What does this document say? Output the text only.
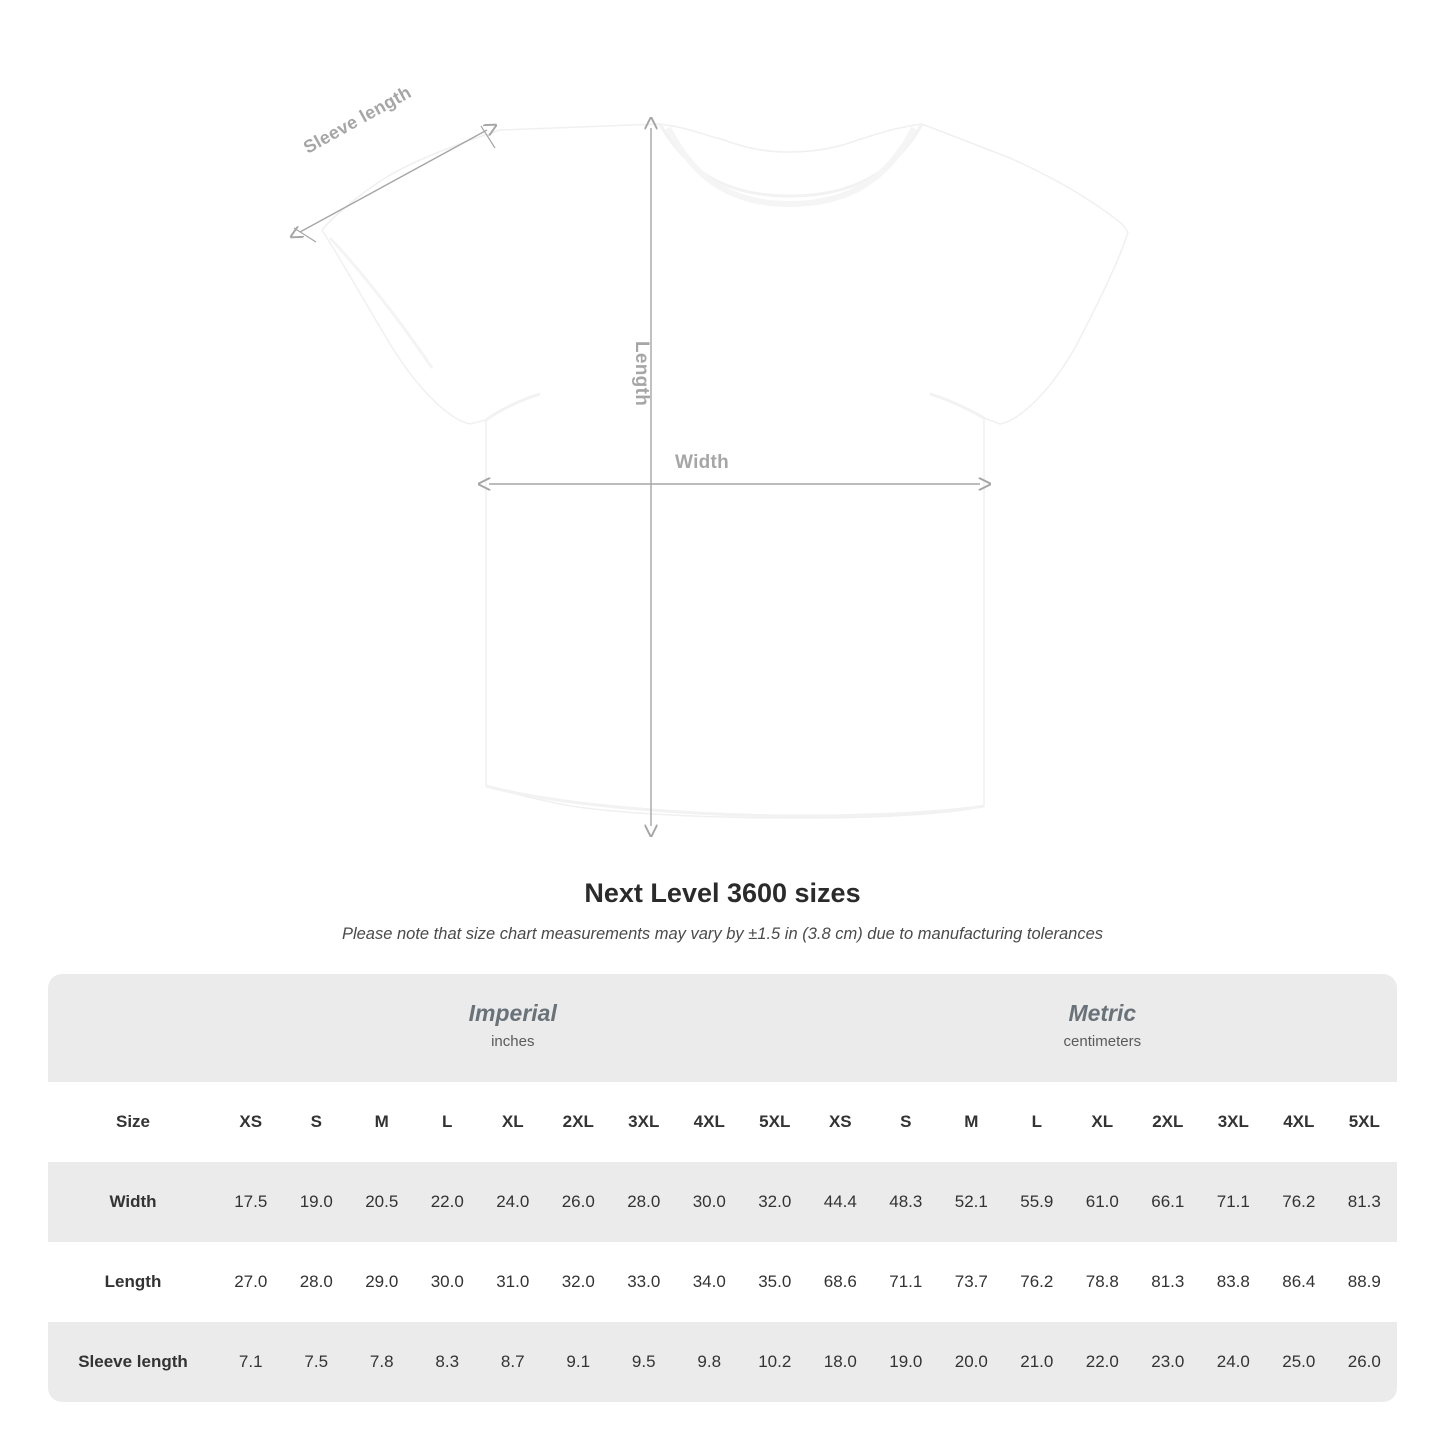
Sleeve length
Length
Width
Next Level 3600 sizes

Please note that size chart measurements may vary by ±1.5 in (3.8 cm) due to manufacturing tolerances

Imperial
inches

Metric
centimeters

Size	XS	S	M	L	XL	2XL	3XL	4XL	5XL	XS	S	M	L	XL	2XL	3XL	4XL	5XL
Width	17.5	19.0	20.5	22.0	24.0	26.0	28.0	30.0	32.0	44.4	48.3	52.1	55.9	61.0	66.1	71.1	76.2	81.3
Length	27.0	28.0	29.0	30.0	31.0	32.0	33.0	34.0	35.0	68.6	71.1	73.7	76.2	78.8	81.3	83.8	86.4	88.9
Sleeve length	7.1	7.5	7.8	8.3	8.7	9.1	9.5	9.8	10.2	18.0	19.0	20.0	21.0	22.0	23.0	24.0	25.0	26.0
